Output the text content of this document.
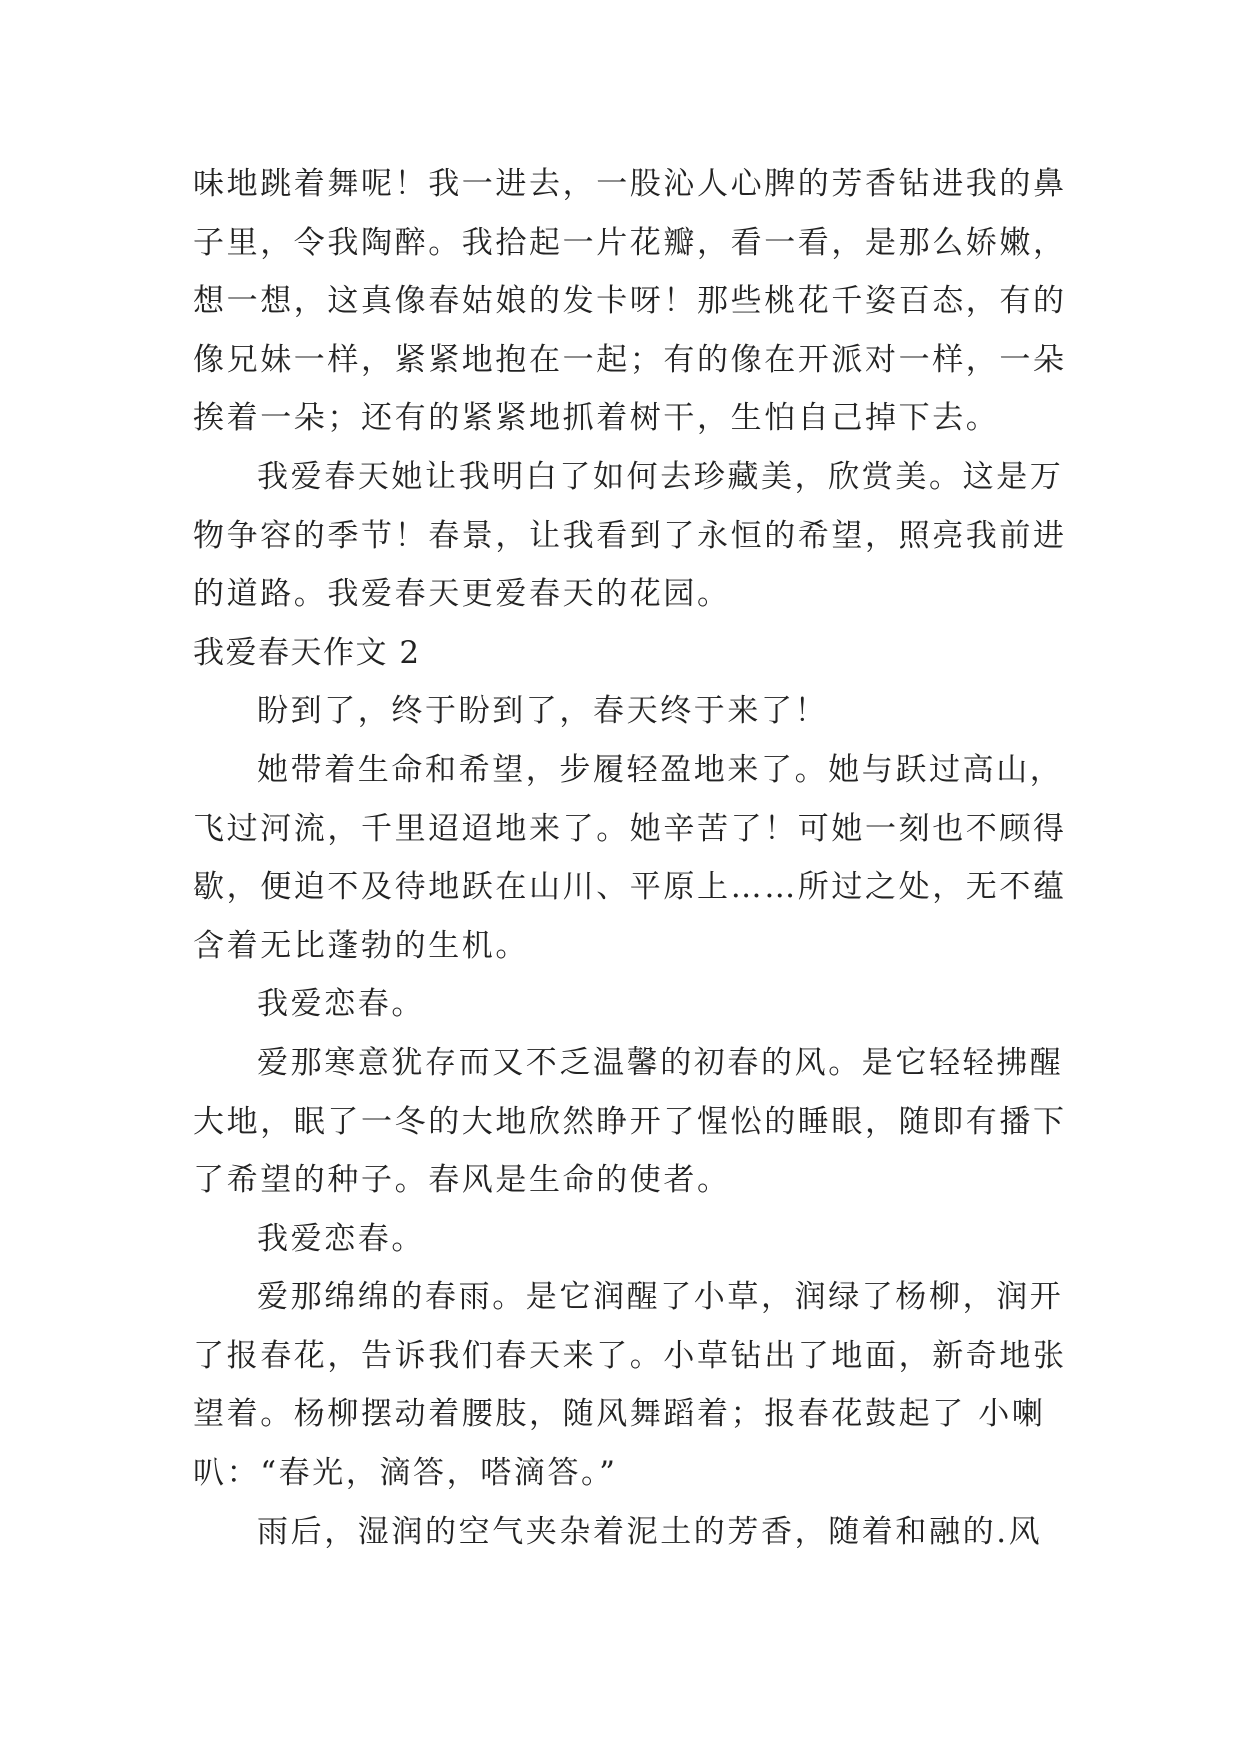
味地跳着舞呢！我一进去，一股沁人心脾的芳香钻进我的鼻
子里，令我陶醉。我拾起一片花瓣，看一看，是那么娇嫩，
想一想，这真像春姑娘的发卡呀！那些桃花千姿百态，有的
像兄妹一样，紧紧地抱在一起；有的像在开派对一样，一朵
挨着一朵；还有的紧紧地抓着树干，生怕自己掉下去。
我爱春天她让我明白了如何去珍藏美，欣赏美。这是万
物争容的季节！春景，让我看到了永恒的希望，照亮我前进
的道路。我爱春天更爱春天的花园。
我爱春天作文 2
盼到了，终于盼到了，春天终于来了！
她带着生命和希望，步履轻盈地来了。她与跃过高山，
飞过河流，千里迢迢地来了。她辛苦了！可她一刻也不顾得
歇，便迫不及待地跃在山川、平原上……所过之处，无不蕴
含着无比蓬勃的生机。
我爱恋春。
爱那寒意犹存而又不乏温馨的初春的风。是它轻轻拂醒
大地，眠了一冬的大地欣然睁开了惺忪的睡眼，随即有播下
了希望的种子。春风是生命的使者。
我爱恋春。
爱那绵绵的春雨。是它润醒了小草，润绿了杨柳，润开
了报春花，告诉我们春天来了。小草钻出了地面，新奇地张
望着。杨柳摆动着腰肢，随风舞蹈着；报春花鼓起了 小喇
叭：“春光，滴答，嗒滴答。”
雨后，湿润的空气夹杂着泥土的芳香，随着和融的.风
